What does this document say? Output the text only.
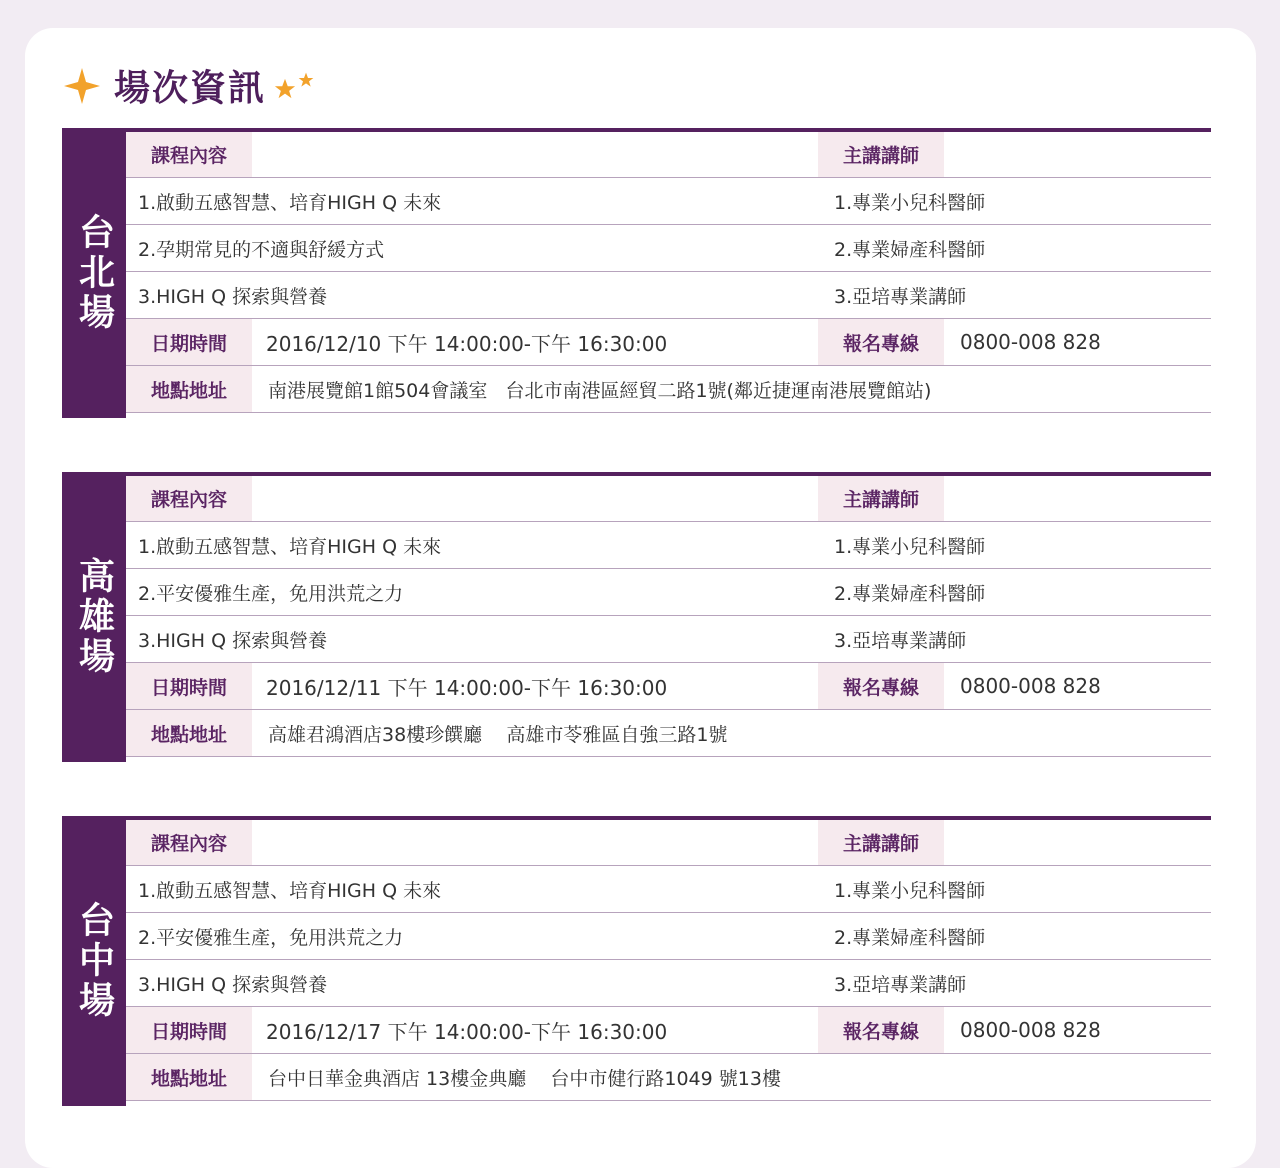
場次資訊
台北場
課程內容	主講講師
1.啟動五感智慧、培育HIGH Q 未來	1.專業小兒科醫師
2.孕期常見的不適與舒緩方式	2.專業婦產科醫師
3.HIGH Q 探索與營養	3.亞培專業講師
日期時間	2016/12/10 下午 14:00:00-下午 16:30:00	報名專線	0800-008 828
地點地址	南港展覽館1館504會議室   台北市南港區經貿二路1號(鄰近捷運南港展覽館站)
高雄場
課程內容	主講講師
1.啟動五感智慧、培育HIGH Q 未來	1.專業小兒科醫師
2.平安優雅生產，免用洪荒之力	2.專業婦產科醫師
3.HIGH Q 探索與營養	3.亞培專業講師
日期時間	2016/12/11 下午 14:00:00-下午 16:30:00	報名專線	0800-008 828
地點地址	高雄君鴻酒店38樓珍饌廳    高雄市苓雅區自強三路1號
台中場
課程內容	主講講師
1.啟動五感智慧、培育HIGH Q 未來	1.專業小兒科醫師
2.平安優雅生產，免用洪荒之力	2.專業婦產科醫師
3.HIGH Q 探索與營養	3.亞培專業講師
日期時間	2016/12/17 下午 14:00:00-下午 16:30:00	報名專線	0800-008 828
地點地址	台中日華金典酒店 13樓金典廳    台中市健行路1049 號13樓
